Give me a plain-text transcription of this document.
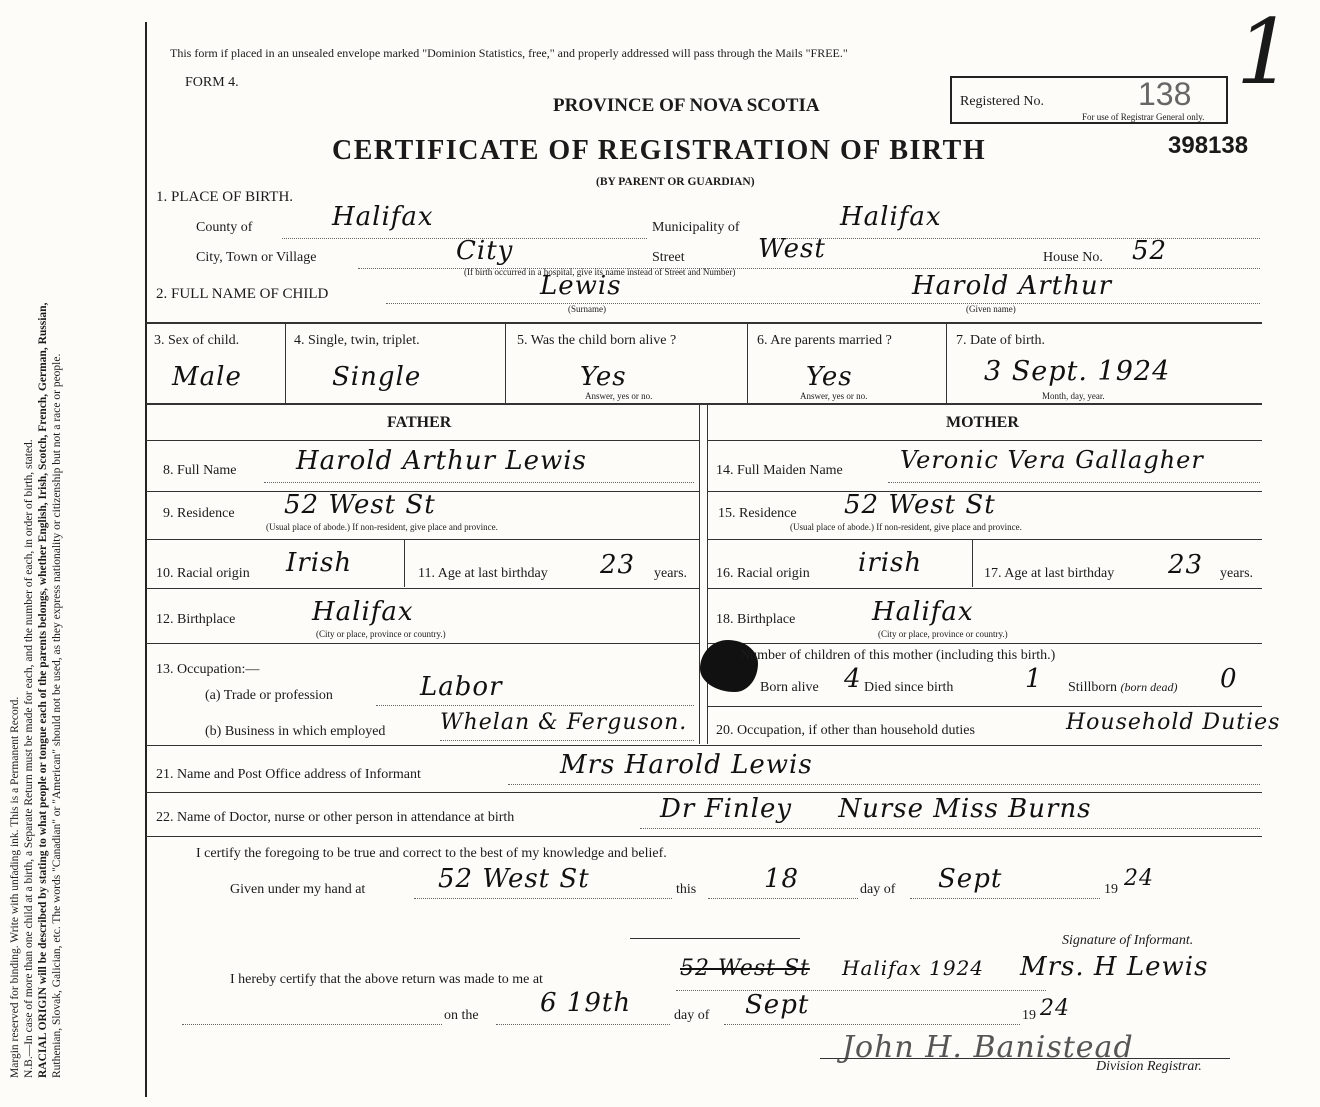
Margin reserved for binding. Write with unfading ink. This is a Permanent Record. N.B.—In case of more than one child at a birth, a Separate Return must be made for each, and the number of each, in order of birth, stated. RACIAL ORIGIN will be described by stating to what people or tongue each of the parents belongs, whether English, Irish, Scotch, French, German, Russian, Ruthenian, Slovak, Galician, etc. The words "Canadian" or "American" should not be used, as they express nationality or citizenship but not a race or people.
This form if placed in an unsealed envelope marked "Dominion Statistics, free," and properly addressed will pass through the Mails "FREE."
FORM 4.
PROVINCE OF NOVA SCOTIA
CERTIFICATE OF REGISTRATION OF BIRTH
(BY PARENT OR GUARDIAN)
Registered No.	138
For use of Registrar General only.
398138
1
1. PLACE OF BIRTH.
County of	Halifax	Municipality of	Halifax
City, Town or Village	City	Street	West	House No. 52
(If birth occurred in a hospital, give its name instead of Street and Number)
2. FULL NAME OF CHILD	Lewis
(Surname)
Harold Arthur
(Given name)
3. Sex of child.
Male
4. Single, twin, triplet.
Single
5. Was the child born alive ?
Yes
Answer, yes or no.
6. Are parents married ?
Yes
Answer, yes or no.
7. Date of birth.
3 Sept. 1924
Month, day, year.
FATHER	MOTHER
8. Full Name Harold Arthur Lewis
9. Residence 52 West St
(Usual place of abode.) If non-resident, give place and province.
10. Racial origin Irish	11. Age at last birthday 23 years.
12. Birthplace	Halifax
(City or place, province or country.)
13. Occupation:—
(a) Trade or profession	Labor
(b) Business in which employed Whelan & Ferguson.
14. Full Maiden Name Veronic Vera Gallagher
15. Residence 52 West St
(Usual place of abode.) If non-resident, give place and province.
16. Racial origin irish	17. Age at last birthday 23 years.
18. Birthplace	Halifax
(City or place, province or country.)
Number of children of this mother (including this birth.)
Born alive 4 Died since birth	1 Stillborn (born dead) 0
20. Occupation, if other than household duties	Household Duties
21. Name and Post Office address of Informant	Mrs Harold Lewis
22. Name of Doctor, nurse or other person in attendance at birth	Dr Finley     Nurse Miss Burns
I certify the foregoing to be true and correct to the best of my knowledge and belief.
Given under my hand at	52 West St	this	18	day of Sept	19 24
Signature of Informant.
I hereby certify that the above return was made to me at	52 West St Halifax 1924 Mrs. H Lewis
on the 6 19th	day of Sept	19 24
John H. Banistead
Division Registrar.
